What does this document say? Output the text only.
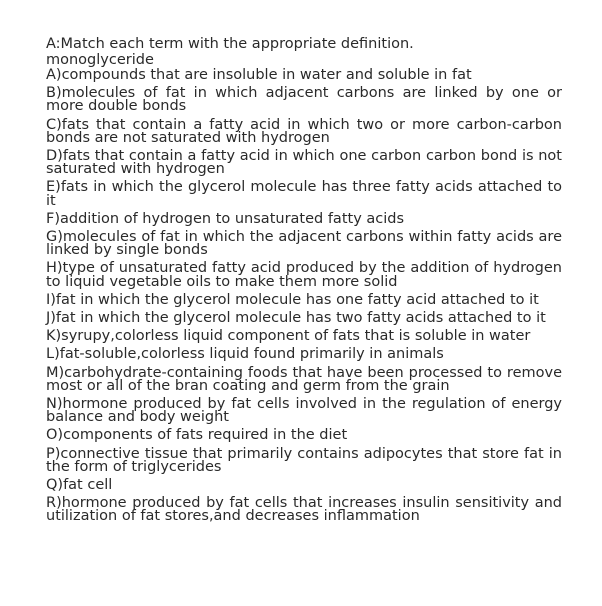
A:Match each term with the appropriate definition.

monoglyceride

A)compounds that are insoluble in water and soluble in fat
B)molecules of fat in which adjacent carbons are linked by one or more double bonds
C)fats that contain a fatty acid in which two or more carbon-carbon bonds are not saturated with hydrogen
D)fats that contain a fatty acid in which one carbon carbon bond is not saturated with hydrogen
E)fats in which the glycerol molecule has three fatty acids attached to it
F)addition of hydrogen to unsaturated fatty acids
G)molecules of fat in which the adjacent carbons within fatty acids are linked by single bonds
H)type of unsaturated fatty acid produced by the addition of hydrogen to liquid vegetable oils to make them more solid
I)fat in which the glycerol molecule has one fatty acid attached to it
J)fat in which the glycerol molecule has two fatty acids attached to it
K)syrupy,colorless liquid component of fats that is soluble in water
L)fat-soluble,colorless liquid found primarily in animals
M)carbohydrate-containing foods that have been processed to remove most or all of the bran coating and germ from the grain
N)hormone produced by fat cells involved in the regulation of energy balance and body weight
O)components of fats required in the diet
P)connective tissue that primarily contains adipocytes that store fat in the form of triglycerides
Q)fat cell
R)hormone produced by fat cells that increases insulin sensitivity and utilization of fat stores,and decreases inflammation
